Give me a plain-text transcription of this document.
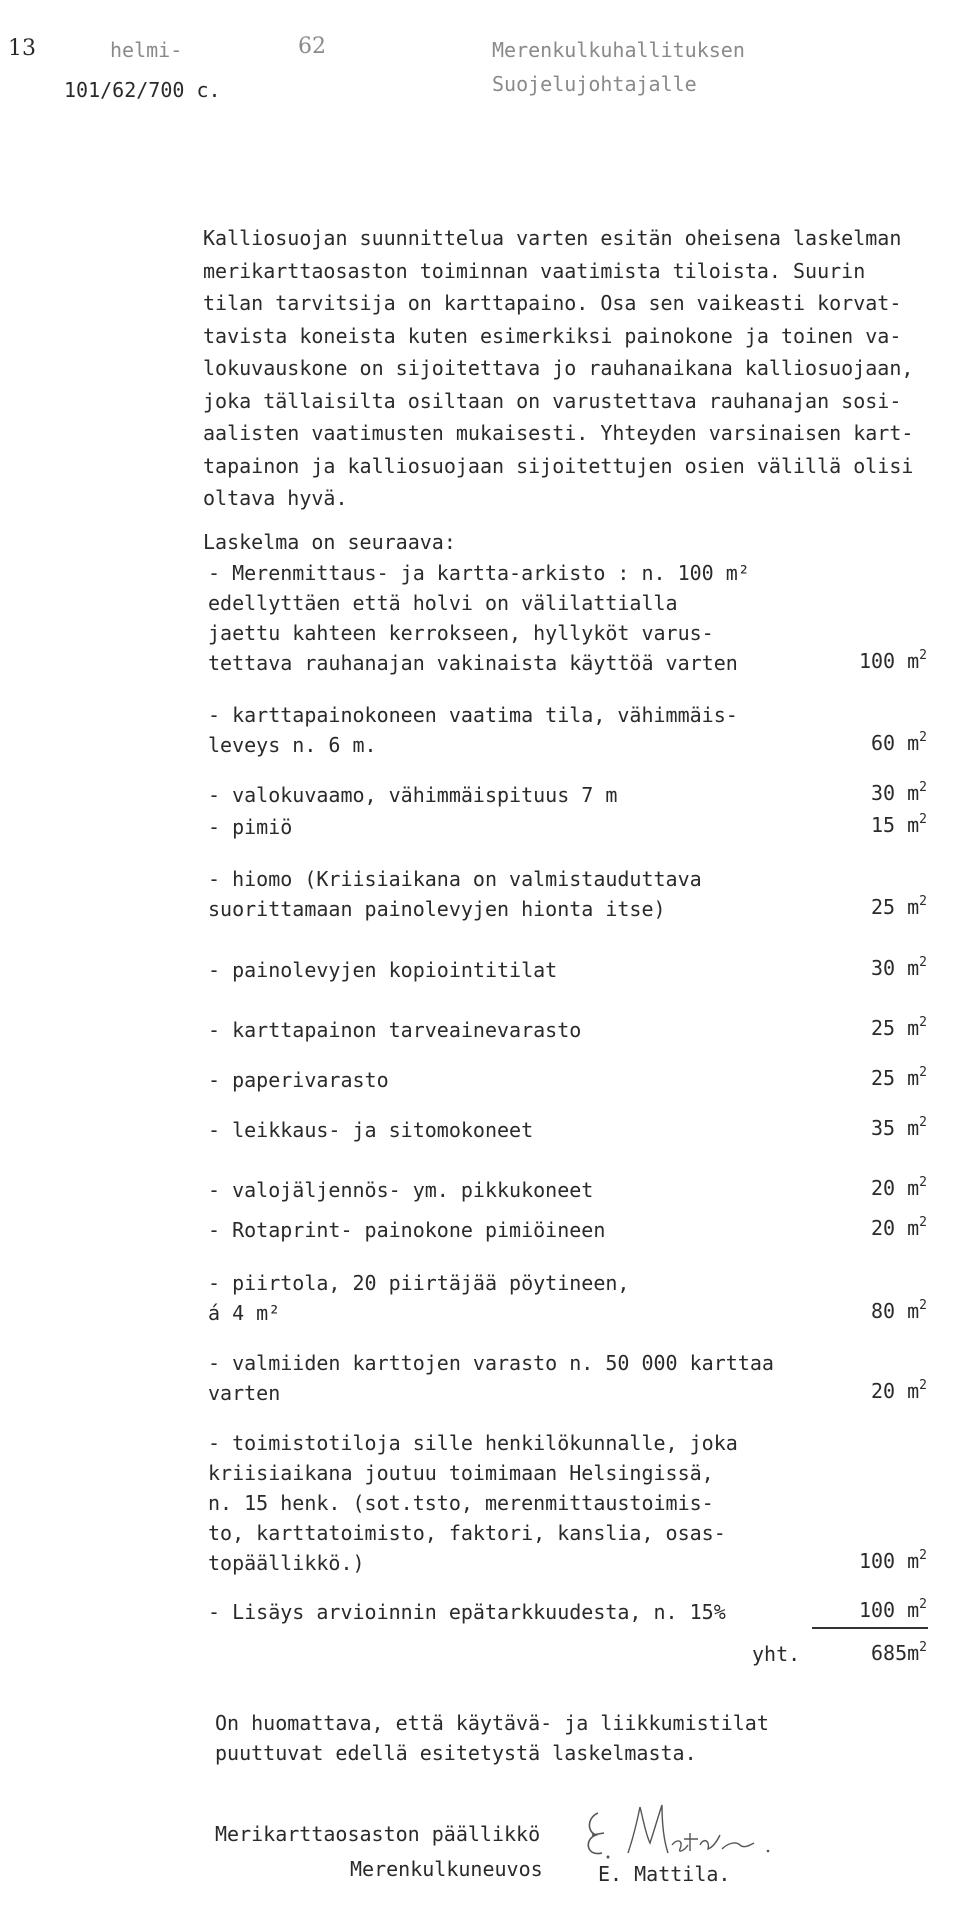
13	helmi-	62
101/62/700 c.
Merenkulkuhallituksen
Suojelujohtajalle
Kalliosuojan suunnittelua varten esitän oheisena laskelman
merikarttaosaston toiminnan vaatimista tiloista. Suurin
tilan tarvitsija on karttapaino. Osa sen vaikeasti korvat-
tavista koneista kuten esimerkiksi painokone ja toinen va-
lokuvauskone on sijoitettava jo rauhanaikana kalliosuojaan,
joka tällaisilta osiltaan on varustettava rauhanajan sosi-
aalisten vaatimusten mukaisesti. Yhteyden varsinaisen kart-
tapainon ja kalliosuojaan sijoitettujen osien välillä olisi
oltava hyvä.
Laskelma on seuraava:
- Merenmittaus- ja kartta-arkisto : n. 100 m²
edellyttäen että holvi on välilattialla
jaettu kahteen kerrokseen, hyllyköt varus-
tettava rauhanajan vakinaista käyttöä varten	100 $m^2$
- karttapainokoneen vaatima tila, vähimmäis-
leveys n. 6 m.	60 $m^2$
- valokuvaamo, vähimmäispituus 7 m	30 $m^2$
- pimiö	15 $m^2$
- hiomo (Kriisiaikana on valmistauduttava
suorittamaan painolevyjen hionta itse)	25 $m^2$
- painolevyjen kopiointitilat	30 $m^2$
- karttapainon tarveainevarasto	25 $m^2$
- paperivarasto	25 $m^2$
- leikkaus- ja sitomokoneet	35 $m^2$
- valojäljennös- ym. pikkukoneet	20 $m^2$
- Rotaprint- painokone pimiöineen	20 $m^2$
- piirtola, 20 piirtäjää pöytineen,
á 4 m²	80 $m^2$
- valmiiden karttojen varasto n. 50 000 karttaa
varten	20 $m^2$
- toimistotiloja sille henkilökunnalle, joka
kriisiaikana joutuu toimimaan Helsingissä,
n. 15 henk. (sot.tsto, merenmittaustoimis-
to, karttatoimisto, faktori, kanslia, osas-
topäällikkö.)	100 $m^2$
- Lisäys arvioinnin epätarkkuudesta, n. 15%	100 $m^2$
yht.	$685m^2$
On huomattava, että käytävä- ja liikkumistilat
puuttuvat edellä esitetystä laskelmasta.
Merikarttaosaston päällikkö
Merenkulkuneuvos	E. Mattila.
